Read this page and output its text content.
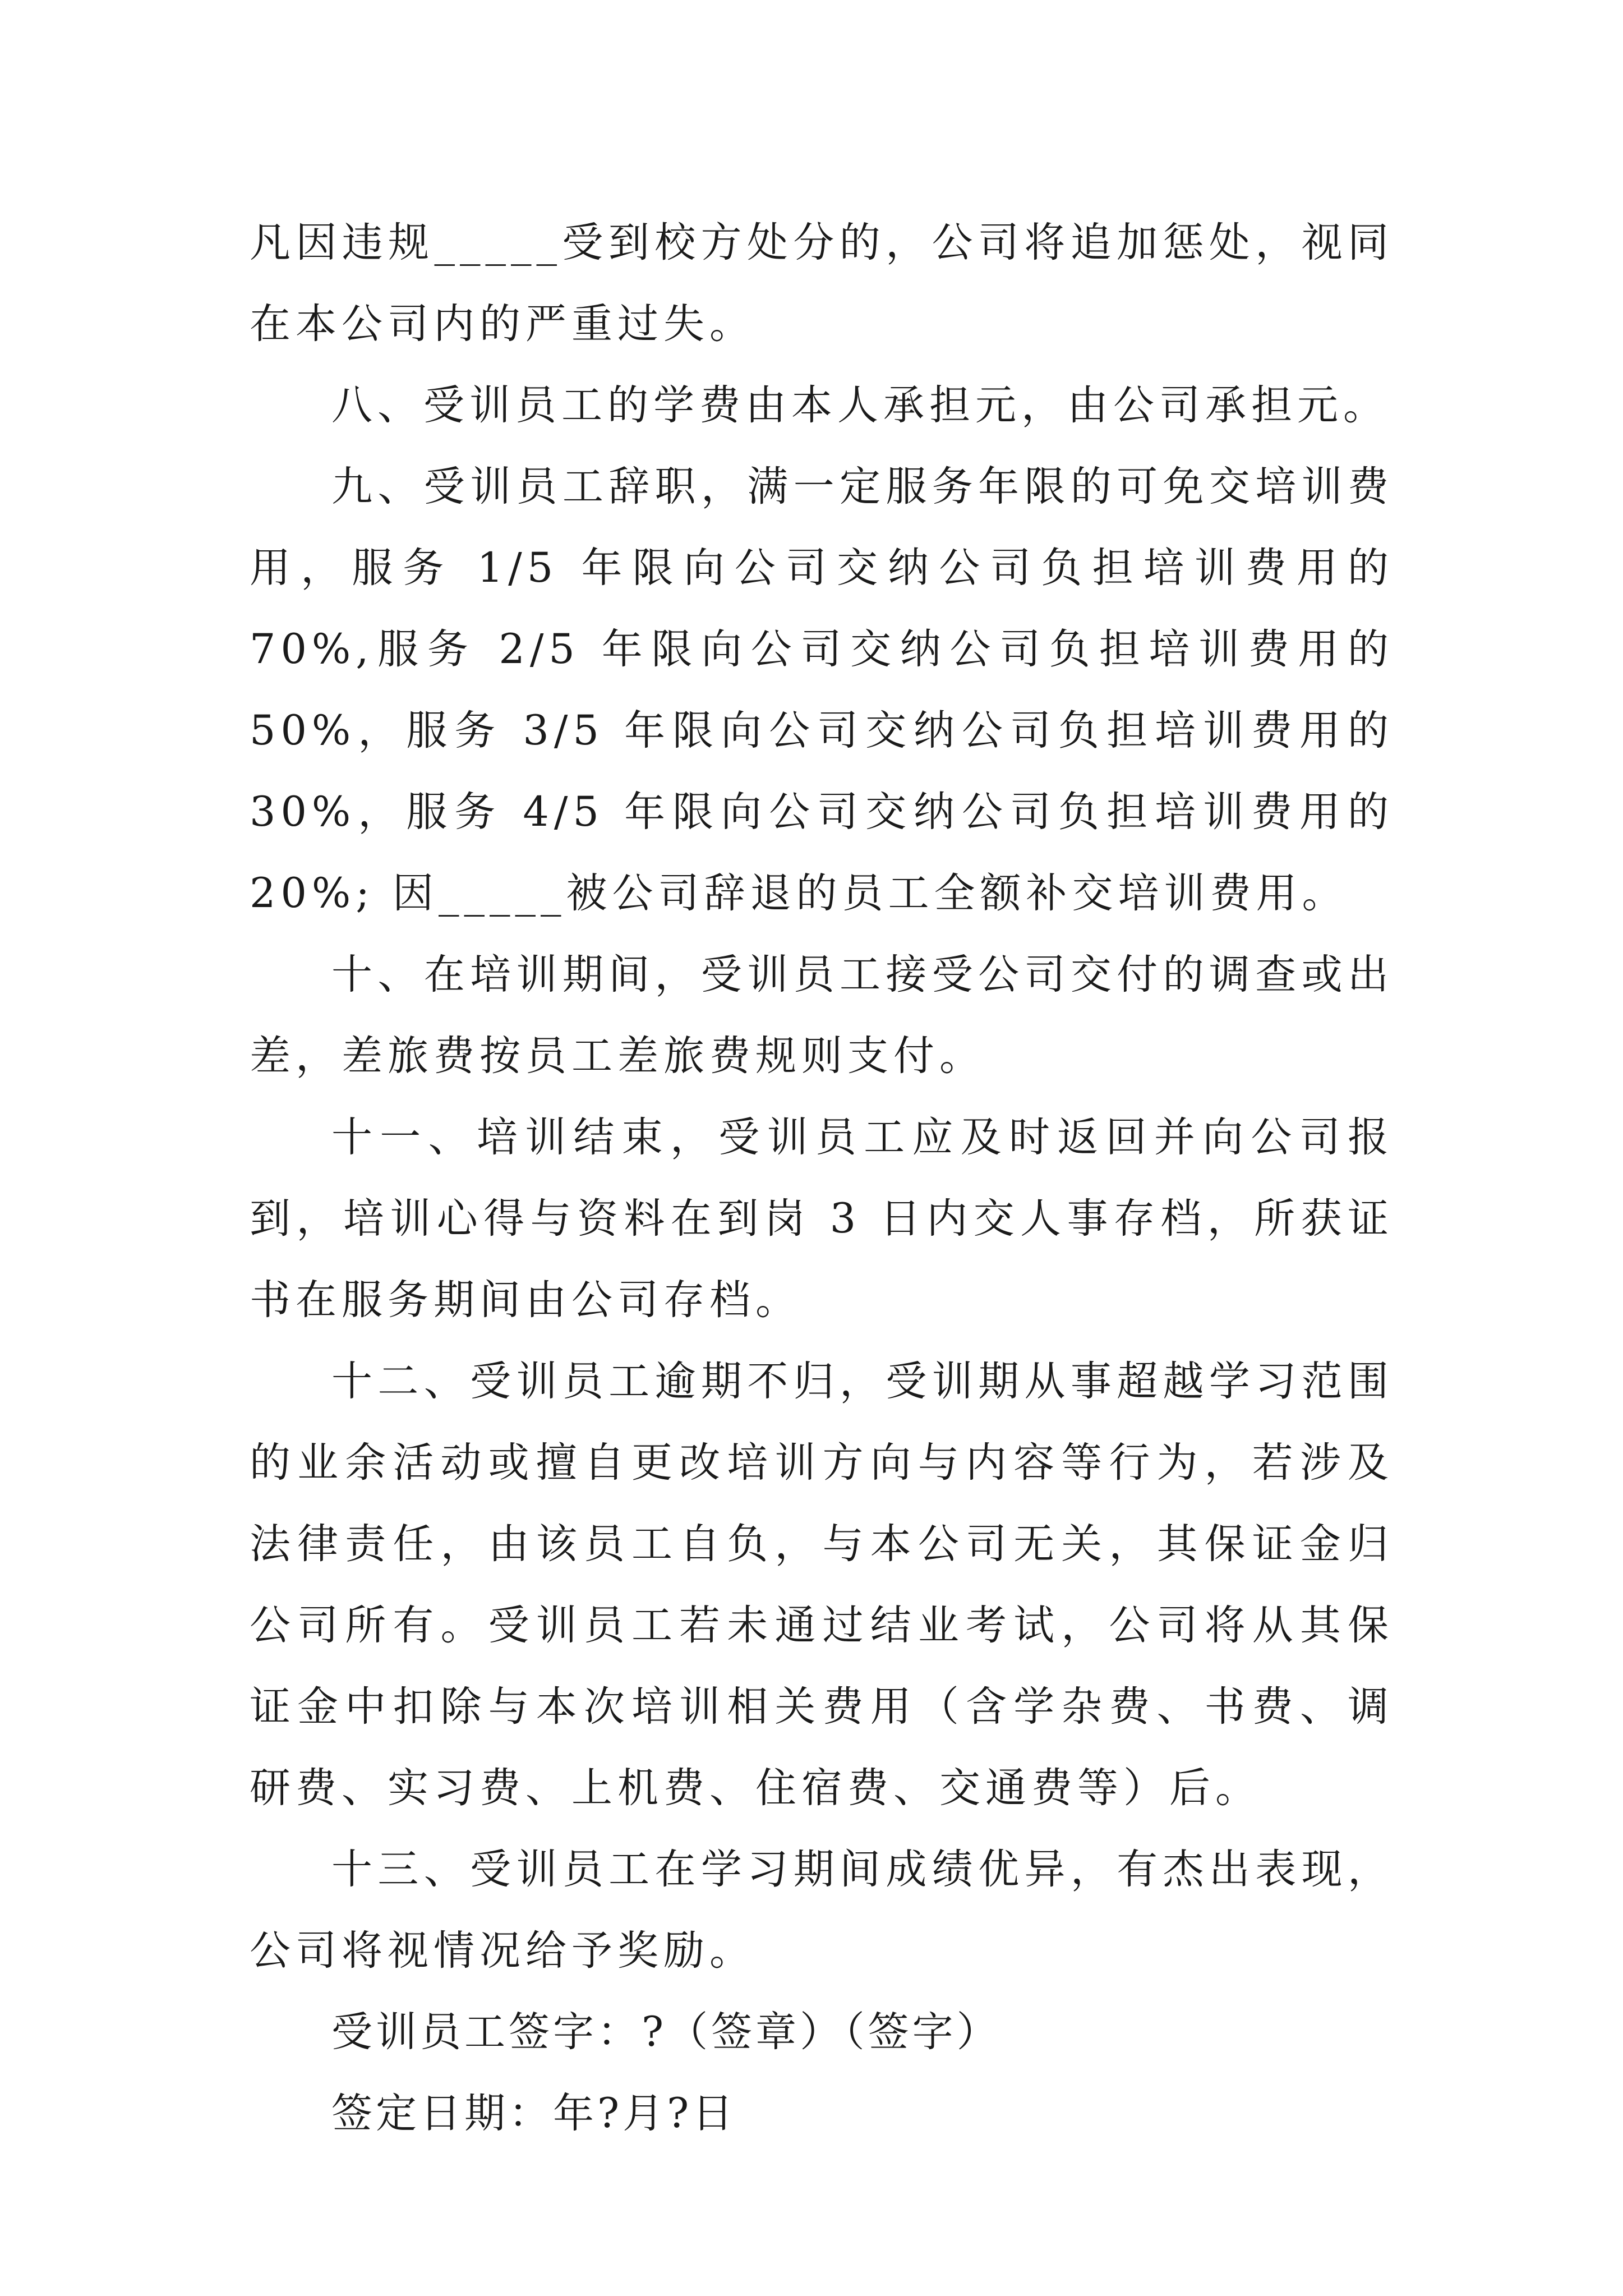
凡因违规_____受到校方处分的，公司将追加惩处，视同在本公司内的严重过失。

八、受训员工的学费由本人承担元，由公司承担元。

九、受训员工辞职，满一定服务年限的可免交培训费用，服务 1/5 年限向公司交纳公司负担培训费用的 70%,服务 2/5 年限向公司交纳公司负担培训费用的 50%，服务 3/5 年限向公司交纳公司负担培训费用的 30%，服务 4/5 年限向公司交纳公司负担培训费用的 20%; 因_____被公司辞退的员工全额补交培训费用。

十、在培训期间，受训员工接受公司交付的调查或出差，差旅费按员工差旅费规则支付。

十一、培训结束，受训员工应及时返回并向公司报到，培训心得与资料在到岗 3 日内交人事存档，所获证书在服务期间由公司存档。

十二、受训员工逾期不归，受训期从事超越学习范围的业余活动或擅自更改培训方向与内容等行为，若涉及法律责任，由该员工自负，与本公司无关，其保证金归公司所有。受训员工若未通过结业考试，公司将从其保证金中扣除与本次培训相关费用（含学杂费、书费、调研费、实习费、上机费、住宿费、交通费等）后。

十三、受训员工在学习期间成绩优异，有杰出表现，公司将视情况给予奖励。

受训员工签字：?（签章）（签字）

签定日期：年?月?日
